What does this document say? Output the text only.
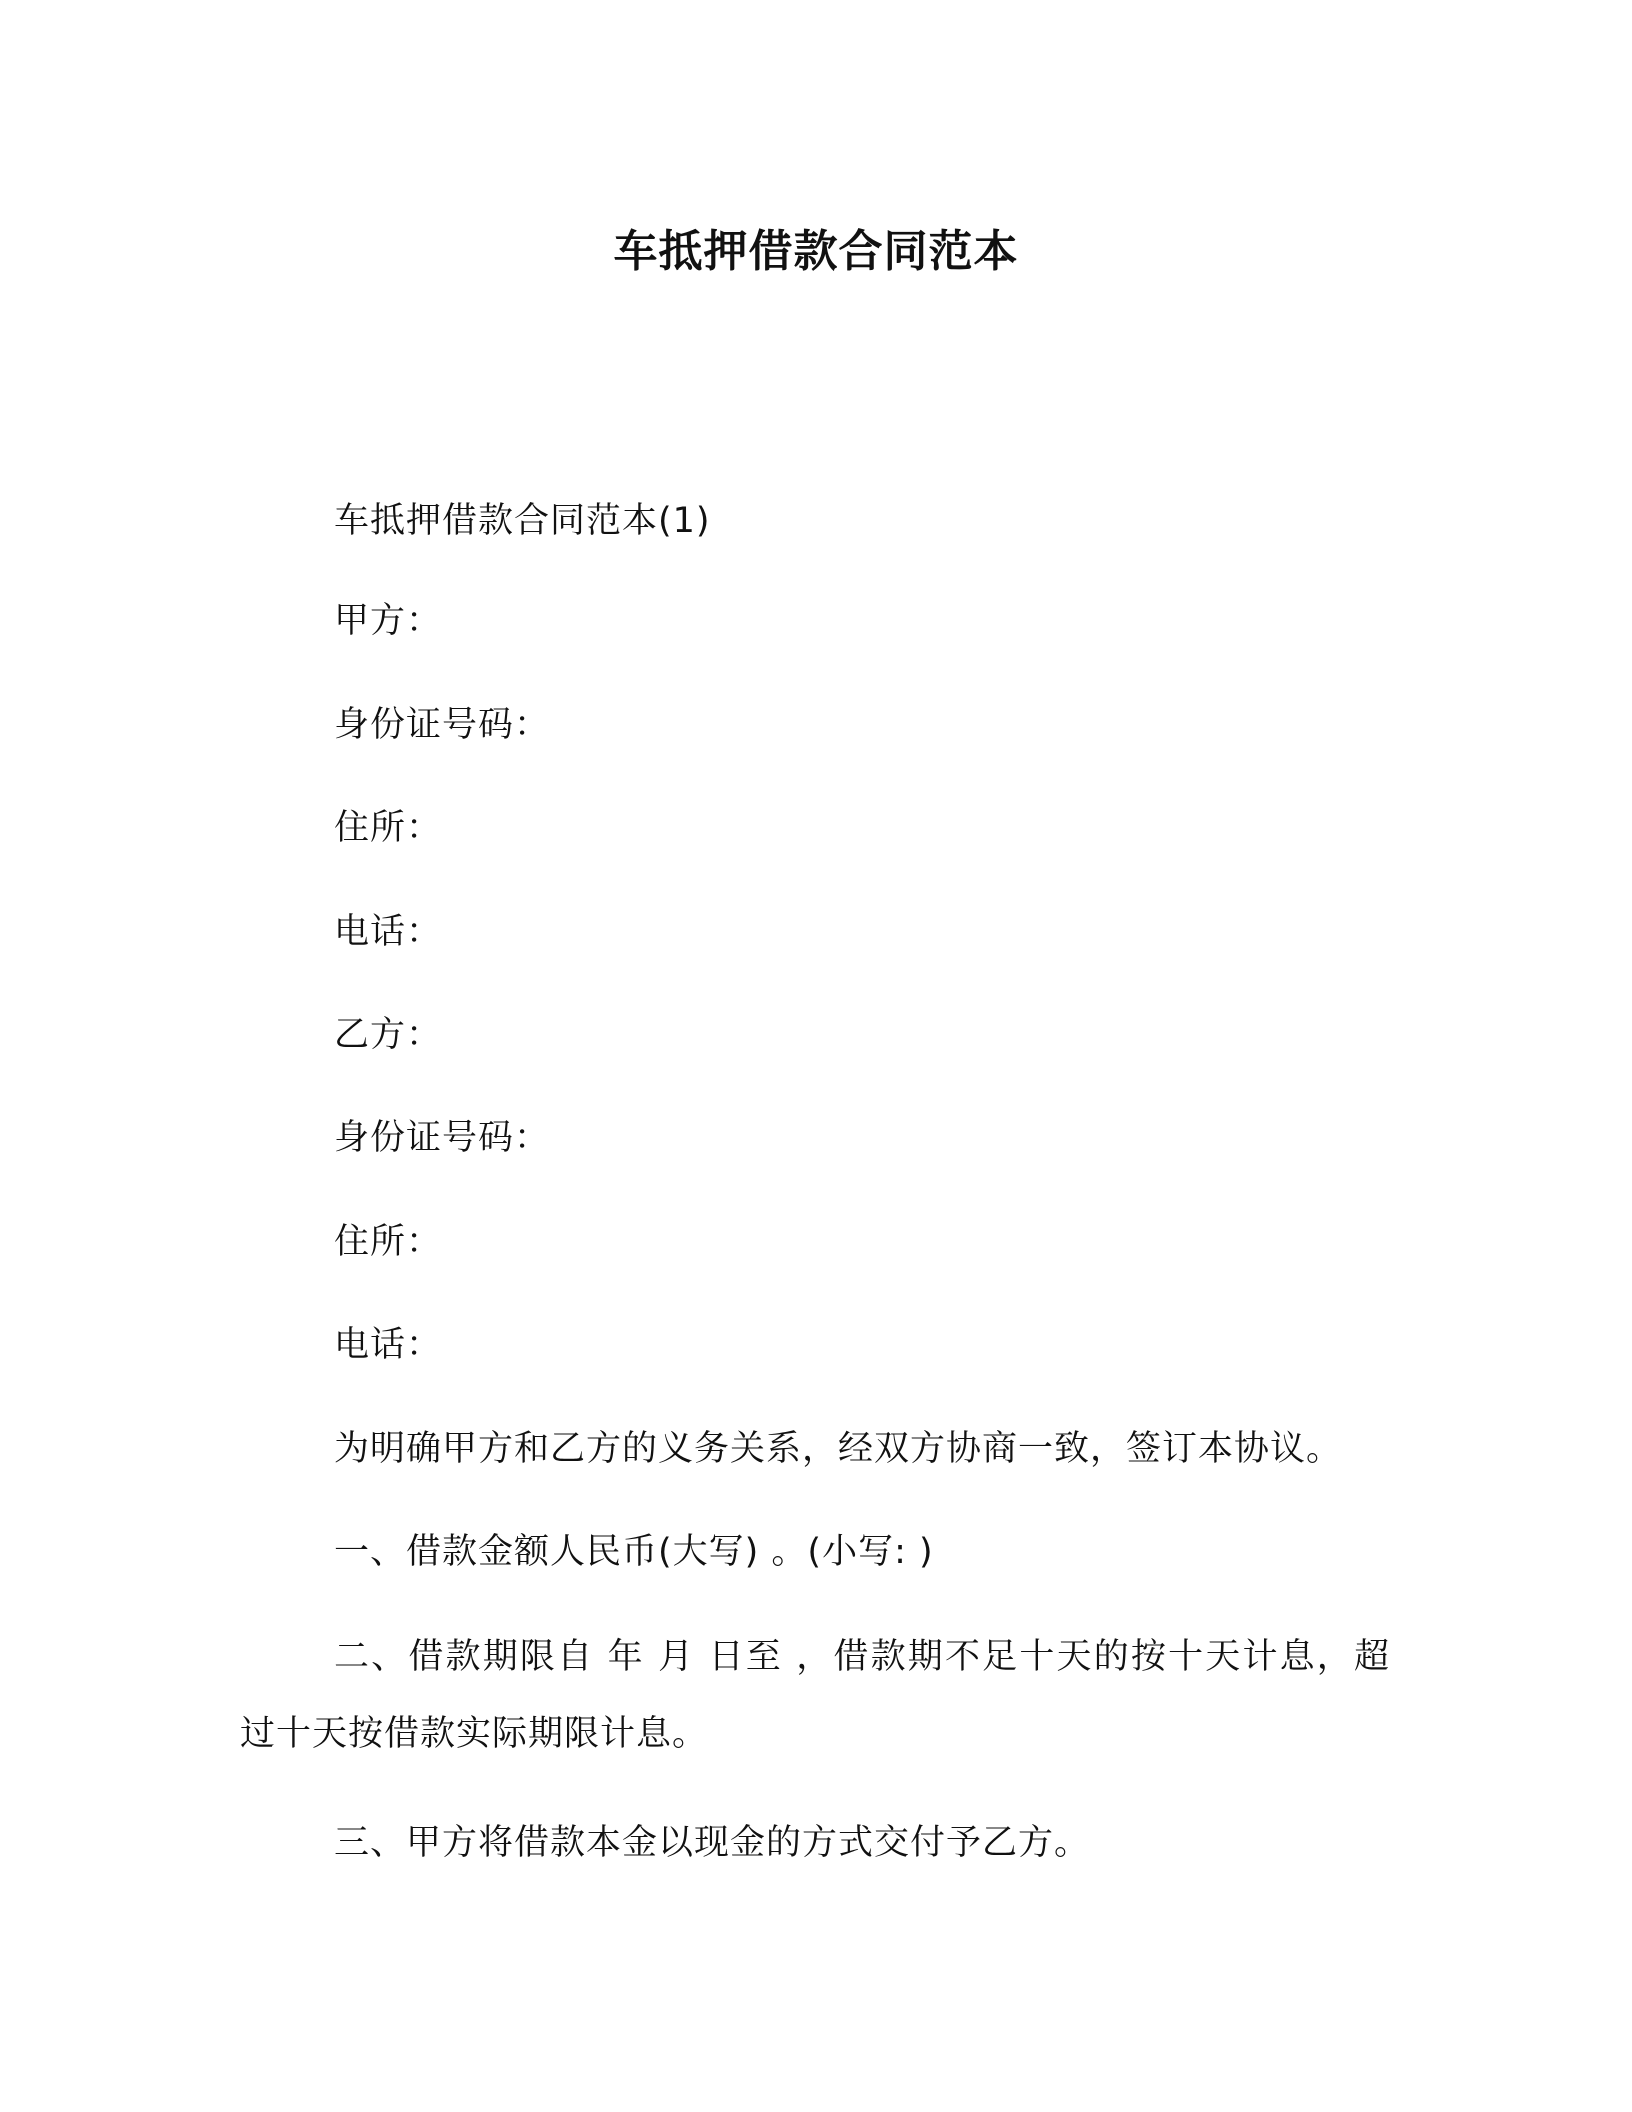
车抵押借款合同范本
车抵押借款合同范本(1)
甲方：
身份证号码：
住所：
电话：
乙方：
身份证号码：
住所：
电话：
为明确甲方和乙方的义务关系，经双方协商一致，签订本协议。
一、借款金额人民币(大写) 。(小写: )
二、借款期限自 年 月 日至 ，借款期不足十天的按十天计息，超过十天按借款实际期限计息。
三、甲方将借款本金以现金的方式交付予乙方。
